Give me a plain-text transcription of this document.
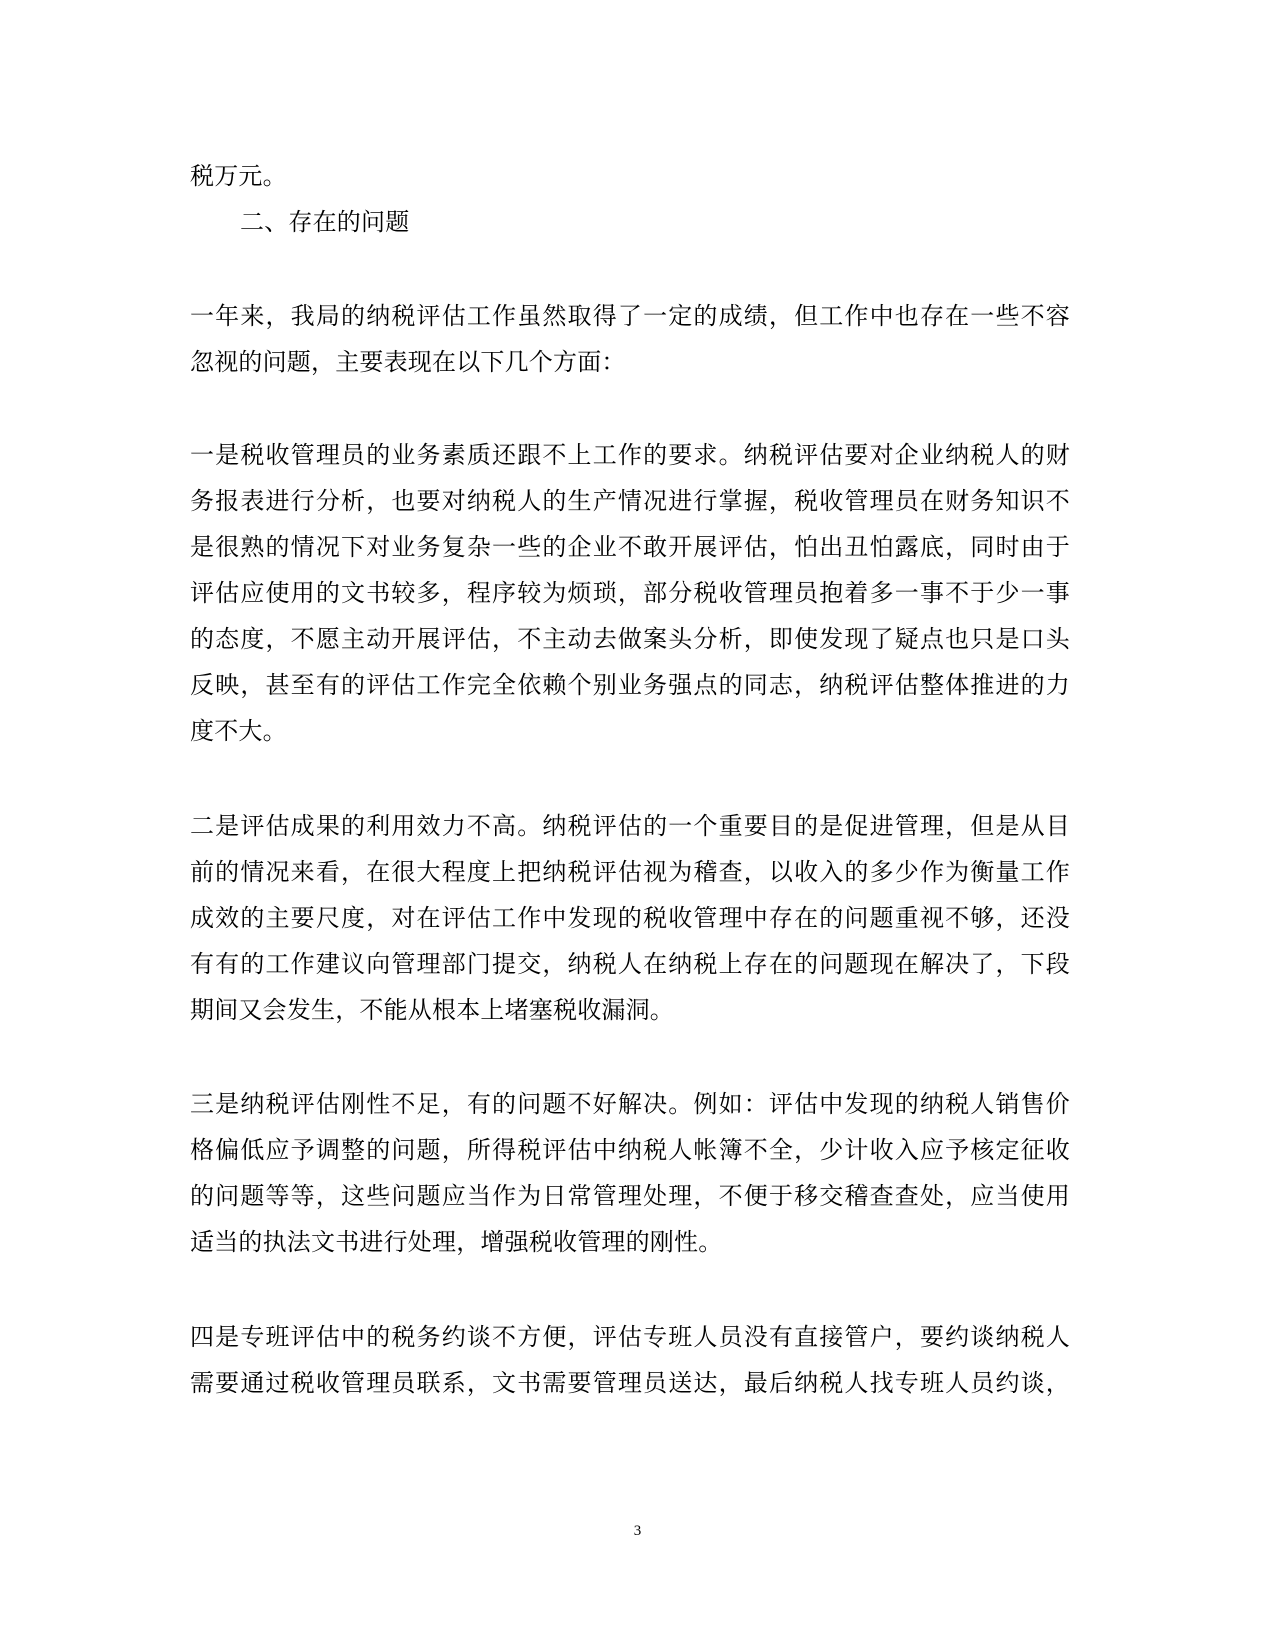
税万元。
二、存在的问题
一年来，我局的纳税评估工作虽然取得了一定的成绩，但工作中也存在一些不容
忽视的问题，主要表现在以下几个方面：
一是税收管理员的业务素质还跟不上工作的要求。纳税评估要对企业纳税人的财
务报表进行分析，也要对纳税人的生产情况进行掌握，税收管理员在财务知识不
是很熟的情况下对业务复杂一些的企业不敢开展评估，怕出丑怕露底，同时由于
评估应使用的文书较多，程序较为烦琐，部分税收管理员抱着多一事不于少一事
的态度，不愿主动开展评估，不主动去做案头分析，即使发现了疑点也只是口头
反映，甚至有的评估工作完全依赖个别业务强点的同志，纳税评估整体推进的力
度不大。
二是评估成果的利用效力不高。纳税评估的一个重要目的是促进管理，但是从目
前的情况来看，在很大程度上把纳税评估视为稽查，以收入的多少作为衡量工作
成效的主要尺度，对在评估工作中发现的税收管理中存在的问题重视不够，还没
有有的工作建议向管理部门提交，纳税人在纳税上存在的问题现在解决了，下段
期间又会发生，不能从根本上堵塞税收漏洞。
三是纳税评估刚性不足，有的问题不好解决。例如：评估中发现的纳税人销售价
格偏低应予调整的问题，所得税评估中纳税人帐簿不全，少计收入应予核定征收
的问题等等，这些问题应当作为日常管理处理，不便于移交稽查查处，应当使用
适当的执法文书进行处理，增强税收管理的刚性。
四是专班评估中的税务约谈不方便，评估专班人员没有直接管户，要约谈纳税人
需要通过税收管理员联系，文书需要管理员送达，最后纳税人找专班人员约谈，
3
